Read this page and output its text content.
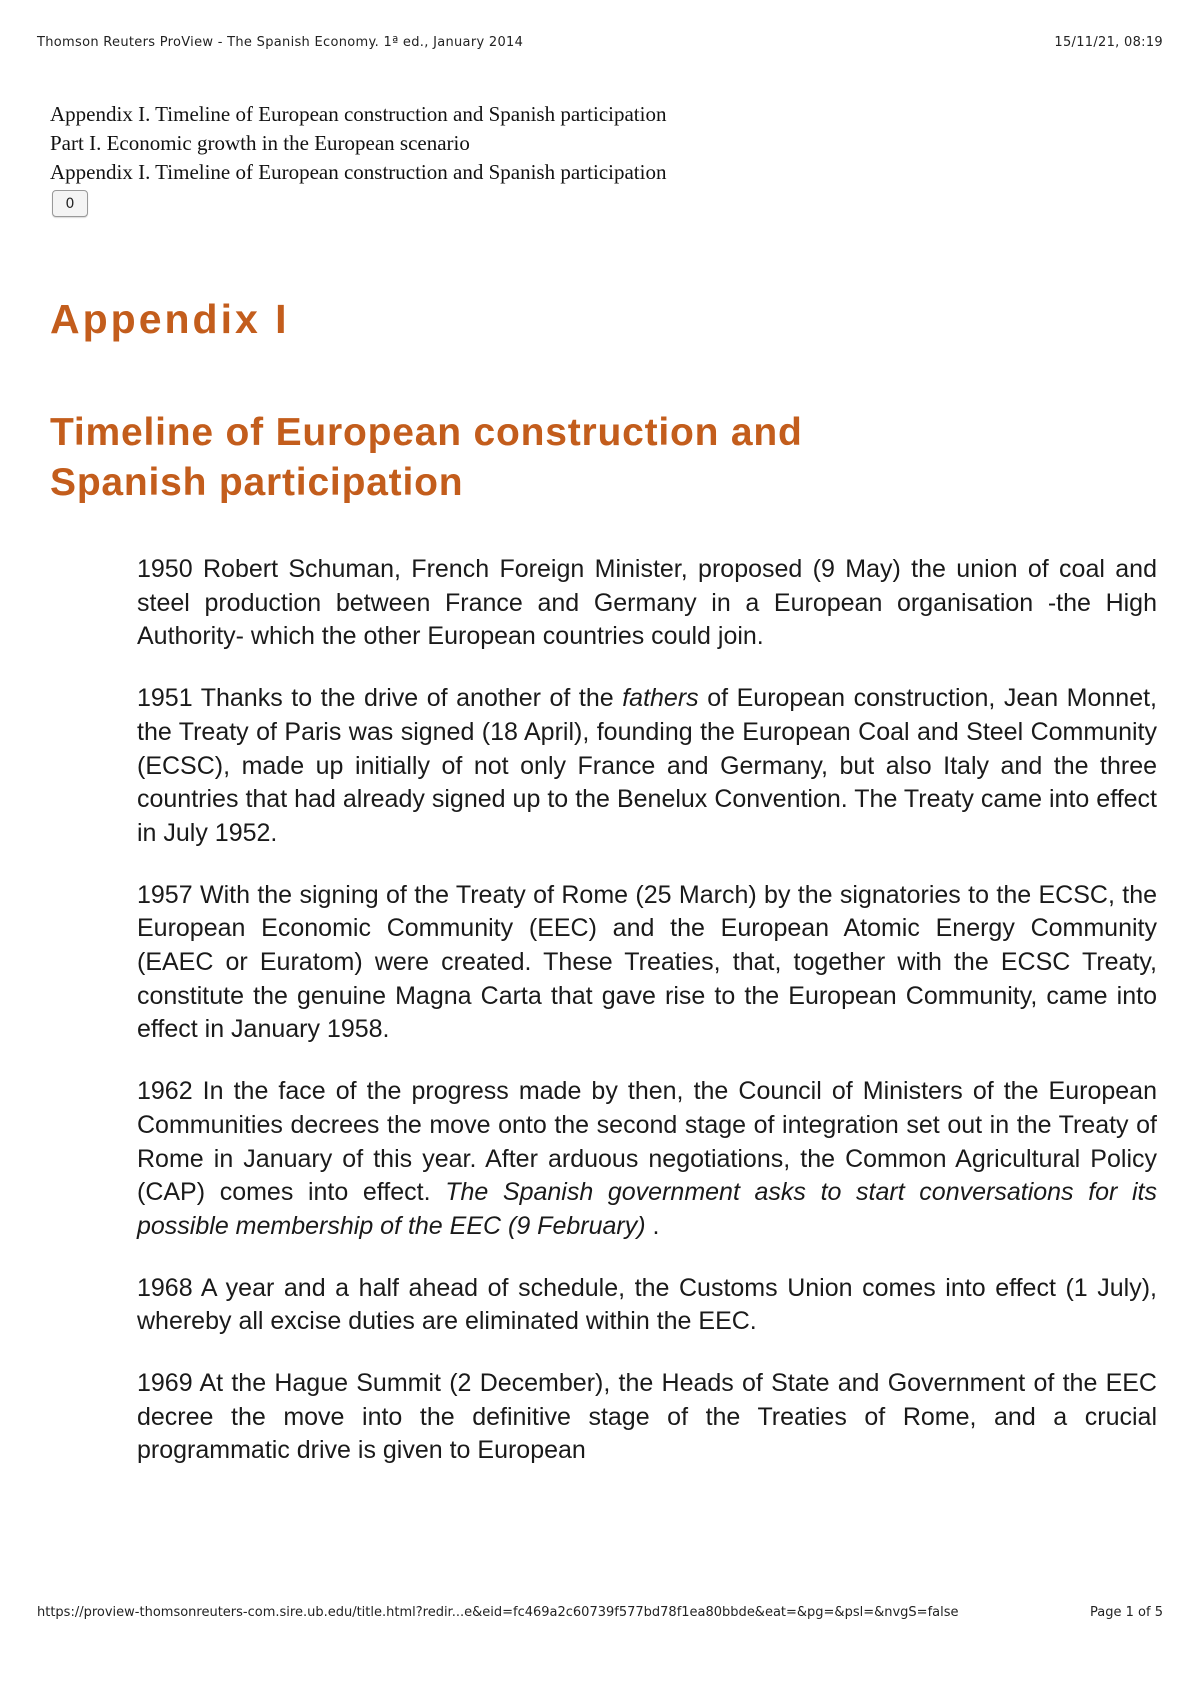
Thomson Reuters ProView - The Spanish Economy. 1ª ed., January 2014	15/11/21, 08:19
Appendix I. Timeline of European construction and Spanish participation
Part I. Economic growth in the European scenario
Appendix I. Timeline of European construction and Spanish participation
0
Appendix I
Timeline of European construction and
Spanish participation

1950 Robert Schuman, French Foreign Minister, proposed (9 May) the union of coal and steel production between France and Germany in a European organisation -the High Authority- which the other European countries could join.

1951 Thanks to the drive of another of the fathers of European construction, Jean Monnet, the Treaty of Paris was signed (18 April), founding the European Coal and Steel Community (ECSC), made up initially of not only France and Germany, but also Italy and the three countries that had already signed up to the Benelux Convention. The Treaty came into effect in July 1952.

1957 With the signing of the Treaty of Rome (25 March) by the signatories to the ECSC, the European Economic Community (EEC) and the European Atomic Energy Community (EAEC or Euratom) were created. These Treaties, that, together with the ECSC Treaty, constitute the genuine Magna Carta that gave rise to the European Community, came into effect in January 1958.

1962 In the face of the progress made by then, the Council of Ministers of the European Communities decrees the move onto the second stage of integration set out in the Treaty of Rome in January of this year. After arduous negotiations, the Common Agricultural Policy (CAP) comes into effect. The Spanish government asks to start conversations for its possible membership of the EEC (9 February) .

1968 A year and a half ahead of schedule, the Customs Union comes into effect (1 July), whereby all excise duties are eliminated within the EEC.

1969 At the Hague Summit (2 December), the Heads of State and Government of the EEC decree the move into the definitive stage of the Treaties of Rome, and a crucial programmatic drive is given to European

https://proview-thomsonreuters-com.sire.ub.edu/title.html?redir...e&eid=fc469a2c60739f577bd78f1ea80bbde&eat=&pg=&psl=&nvgS=false	Page 1 of 5
